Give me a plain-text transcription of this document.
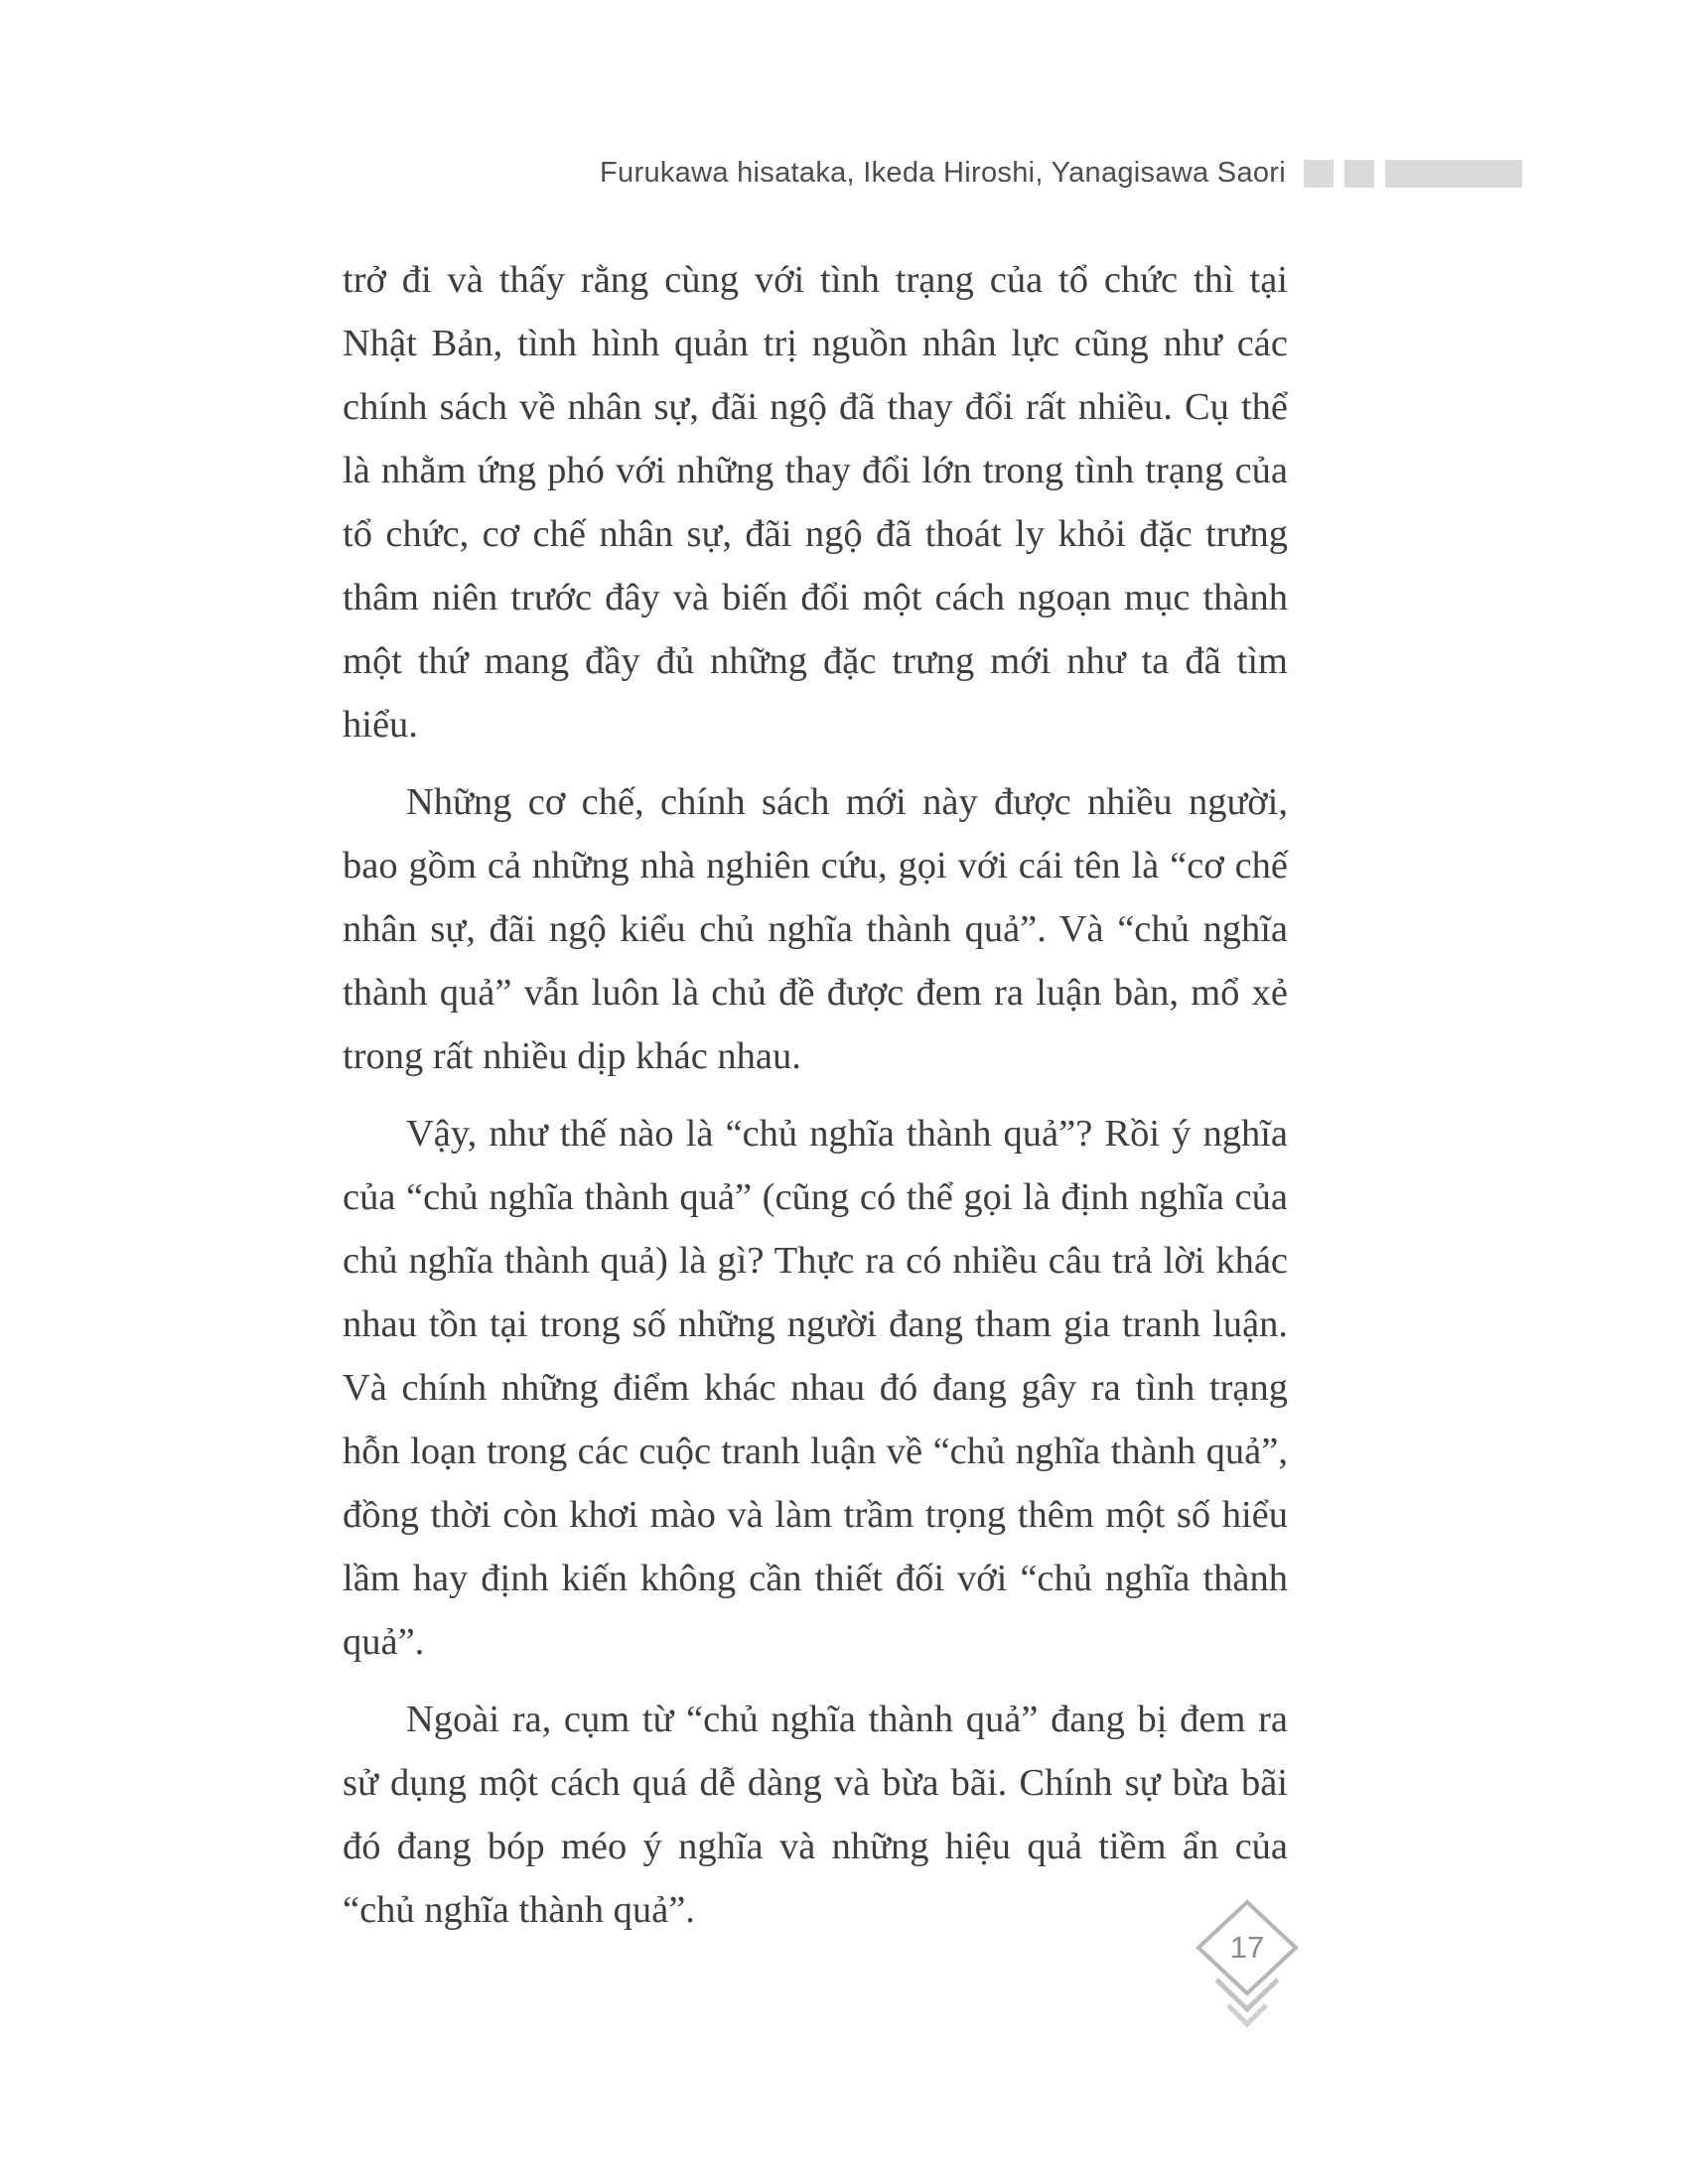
Furukawa hisataka, Ikeda Hiroshi, Yanagisawa Saori

trở đi và thấy rằng cùng với tình trạng của tổ chức thì tại Nhật Bản, tình hình quản trị nguồn nhân lực cũng như các chính sách về nhân sự, đãi ngộ đã thay đổi rất nhiều. Cụ thể là nhằm ứng phó với những thay đổi lớn trong tình trạng của tổ chức, cơ chế nhân sự, đãi ngộ đã thoát ly khỏi đặc trưng thâm niên trước đây và biến đổi một cách ngoạn mục thành một thứ mang đầy đủ những đặc trưng mới như ta đã tìm hiểu.

Những cơ chế, chính sách mới này được nhiều người, bao gồm cả những nhà nghiên cứu, gọi với cái tên là “cơ chế nhân sự, đãi ngộ kiểu chủ nghĩa thành quả”. Và “chủ nghĩa thành quả” vẫn luôn là chủ đề được đem ra luận bàn, mổ xẻ trong rất nhiều dịp khác nhau.

Vậy, như thế nào là “chủ nghĩa thành quả”? Rồi ý nghĩa của “chủ nghĩa thành quả” (cũng có thể gọi là định nghĩa của chủ nghĩa thành quả) là gì? Thực ra có nhiều câu trả lời khác nhau tồn tại trong số những người đang tham gia tranh luận. Và chính những điểm khác nhau đó đang gây ra tình trạng hỗn loạn trong các cuộc tranh luận về “chủ nghĩa thành quả”, đồng thời còn khơi mào và làm trầm trọng thêm một số hiểu lầm hay định kiến không cần thiết đối với “chủ nghĩa thành quả”.

Ngoài ra, cụm từ “chủ nghĩa thành quả” đang bị đem ra sử dụng một cách quá dễ dàng và bừa bãi. Chính sự bừa bãi đó đang bóp méo ý nghĩa và những hiệu quả tiềm ẩn của “chủ nghĩa thành quả”.

17
